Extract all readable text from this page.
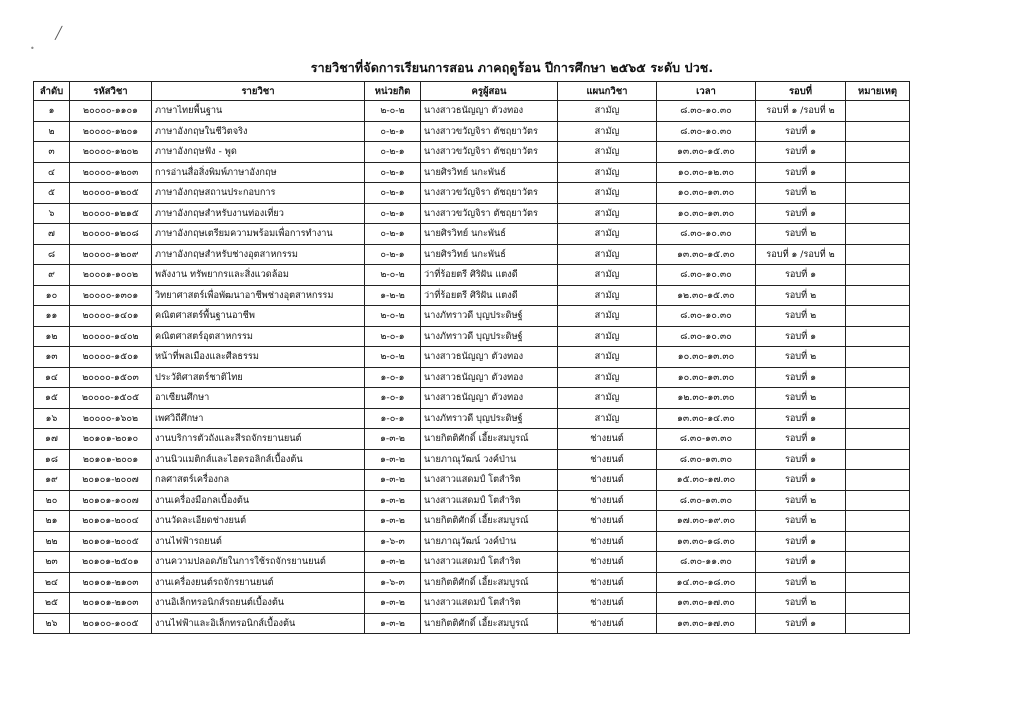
╱
•
รายวิชาที่จัดการเรียนการสอน ภาคฤดูร้อน ปีการศึกษา ๒๕๖๕ ระดับ ปวช.
ลำดับ	รหัสวิชา	รายวิชา	หน่วยกิต	ครูผู้สอน	แผนกวิชา	เวลา	รอบที่	หมายเหตุ
๑	๒๐๐๐๐-๑๑๐๑	ภาษาไทยพื้นฐาน	๒-๐-๒	นางสาวธนัญญา ตัวงทอง	สามัญ	๘.๓๐-๑๐.๓๐	รอบที่ ๑ /รอบที่ ๒	
๒	๒๐๐๐๐-๑๒๐๑	ภาษาอังกฤษในชีวิตจริง	๐-๒-๑	นางสาวขวัญจิรา ตัชฤยาวัตร	สามัญ	๘.๓๐-๑๐.๓๐	รอบที่ ๑	
๓	๒๐๐๐๐-๑๒๐๒	ภาษาอังกฤษฟัง - พูด	๐-๒-๑	นางสาวขวัญจิรา ตัชฤยาวัตร	สามัญ	๑๓.๓๐-๑๕.๓๐	รอบที่ ๑	
๔	๒๐๐๐๐-๑๒๐๓	การอ่านสื่อสิ่งพิมพ์ภาษาอังกฤษ	๐-๒-๑	นายศิรวิทย์ นกะพันธ์	สามัญ	๑๐.๓๐-๑๒.๓๐	รอบที่ ๑	
๕	๒๐๐๐๐-๑๒๐๕	ภาษาอังกฤษสถานประกอบการ	๐-๒-๑	นางสาวขวัญจิรา ตัชฤยาวัตร	สามัญ	๑๐.๓๐-๑๓.๓๐	รอบที่ ๒	
๖	๒๐๐๐๐-๑๒๑๕	ภาษาอังกฤษสำหรับงานท่องเที่ยว	๐-๒-๑	นางสาวขวัญจิรา ตัชฤยาวัตร	สามัญ	๑๐.๓๐-๑๓.๓๐	รอบที่ ๑	
๗	๒๐๐๐๐-๑๒๐๘	ภาษาอังกฤษเตรียมความพร้อมเพื่อการทำงาน	๐-๒-๑	นายศิรวิทย์ นกะพันธ์	สามัญ	๘.๓๐-๑๐.๓๐	รอบที่ ๒	
๘	๒๐๐๐๐-๑๒๐๙	ภาษาอังกฤษสำหรับช่างอุตสาหกรรม	๐-๒-๑	นายศิรวิทย์ นกะพันธ์	สามัญ	๑๓.๓๐-๑๕.๓๐	รอบที่ ๑ /รอบที่ ๒	
๙	๒๐๐๐๑-๑๐๐๒	พลังงาน ทรัพยากรและสิ่งแวดล้อม	๒-๐-๒	ว่าที่ร้อยตรี ศิริฝัน แตงดี	สามัญ	๘.๓๐-๑๐.๓๐	รอบที่ ๑	
๑๐	๒๐๐๐๐-๑๓๐๑	วิทยาศาสตร์เพื่อพัฒนาอาชีพช่างอุตสาหกรรม	๑-๒-๒	ว่าที่ร้อยตรี ศิริฝัน แตงดี	สามัญ	๑๒.๓๐-๑๕.๓๐	รอบที่ ๒	
๑๑	๒๐๐๐๐-๑๔๐๑	คณิตศาสตร์พื้นฐานอาชีพ	๒-๐-๒	นางภัทราวดี บุญประดิษฐ์	สามัญ	๘.๓๐-๑๐.๓๐	รอบที่ ๒	
๑๒	๒๐๐๐๐-๑๔๐๒	คณิตศาสตร์อุตสาหกรรม	๒-๐-๑	นางภัทราวดี บุญประดิษฐ์	สามัญ	๘.๓๐-๑๐.๓๐	รอบที่ ๑	
๑๓	๒๐๐๐๐-๑๕๐๑	หน้าที่พลเมืองและศีลธรรม	๒-๐-๒	นางสาวธนัญญา ตัวงทอง	สามัญ	๑๐.๓๐-๑๓.๓๐	รอบที่ ๒	
๑๔	๒๐๐๐๐-๑๕๐๓	ประวัติศาสตร์ชาติไทย	๑-๐-๑	นางสาวธนัญญา ตัวงทอง	สามัญ	๑๐.๓๐-๑๓.๓๐	รอบที่ ๑	
๑๕	๒๐๐๐๐-๑๕๐๕	อาเซียนศึกษา	๑-๐-๑	นางสาวธนัญญา ตัวงทอง	สามัญ	๑๒.๓๐-๑๓.๓๐	รอบที่ ๒	
๑๖	๒๐๐๐๐-๑๖๐๒	เพศวิถีศึกษา	๑-๐-๑	นางภัทราวดี บุญประดิษฐ์	สามัญ	๑๓.๓๐-๑๔.๓๐	รอบที่ ๑	
๑๗	๒๐๑๐๑-๒๐๑๐	งานบริการตัวถังและสีรถจักรยานยนต์	๑-๓-๒	นายกิตติศักดิ์ เอี้ยะสมบูรณ์	ช่างยนต์	๘.๓๐-๑๓.๓๐	รอบที่ ๑	
๑๘	๒๐๑๐๑-๒๐๐๑	งานนิวแมติกส์และไฮดรอลิกส์เบื้องต้น	๑-๓-๒	นายภาณุวัฒน์ วงค์ป่าน	ช่างยนต์	๘.๓๐-๑๓.๓๐	รอบที่ ๑	
๑๙	๒๐๑๐๑-๒๐๐๗	กลศาสตร์เครื่องกล	๑-๓-๒	นางสาวแสดมป์ โตสำริต	ช่างยนต์	๑๕.๓๐-๑๗.๓๐	รอบที่ ๑	
๒๐	๒๐๑๐๑-๑๐๐๗	งานเครื่องมือกลเบื้องต้น	๑-๓-๒	นางสาวแสดมป์ โตสำริต	ช่างยนต์	๘.๓๐-๑๓.๓๐	รอบที่ ๒	
๒๑	๒๐๑๐๑-๒๐๐๔	งานวัดละเอียดช่างยนต์	๑-๓-๒	นายกิตติศักดิ์ เอี้ยะสมบูรณ์	ช่างยนต์	๑๗.๓๐-๑๙.๓๐	รอบที่ ๒	
๒๒	๒๐๑๐๑-๒๐๐๕	งานไฟฟ้ารถยนต์	๑-๖-๓	นายภาณุวัฒน์ วงค์ป่าน	ช่างยนต์	๑๓.๓๐-๑๘.๓๐	รอบที่ ๑	
๒๓	๒๐๑๐๑-๒๕๐๑	งานความปลอดภัยในการใช้รถจักรยานยนต์	๑-๓-๒	นางสาวแสดมป์ โตสำริต	ช่างยนต์	๘.๓๐-๑๑.๓๐	รอบที่ ๑	
๒๔	๒๐๑๐๑-๒๑๐๓	งานเครื่องยนต์รถจักรยานยนต์	๑-๖-๓	นายกิตติศักดิ์ เอี้ยะสมบูรณ์	ช่างยนต์	๑๔.๓๐-๑๘.๓๐	รอบที่ ๒	
๒๕	๒๐๑๐๑-๒๑๐๓	งานอิเล็กทรอนิกส์รถยนต์เบื้องต้น	๑-๓-๒	นางสาวแสดมป์ โตสำริต	ช่างยนต์	๑๓.๓๐-๑๗.๓๐	รอบที่ ๒	
๒๖	๒๐๑๐๐-๑๐๐๕	งานไฟฟ้าและอิเล็กทรอนิกส์เบื้องต้น	๑-๓-๒	นายกิตติศักดิ์ เอี้ยะสมบูรณ์	ช่างยนต์	๑๓.๓๐-๑๗.๓๐	รอบที่ ๑	
